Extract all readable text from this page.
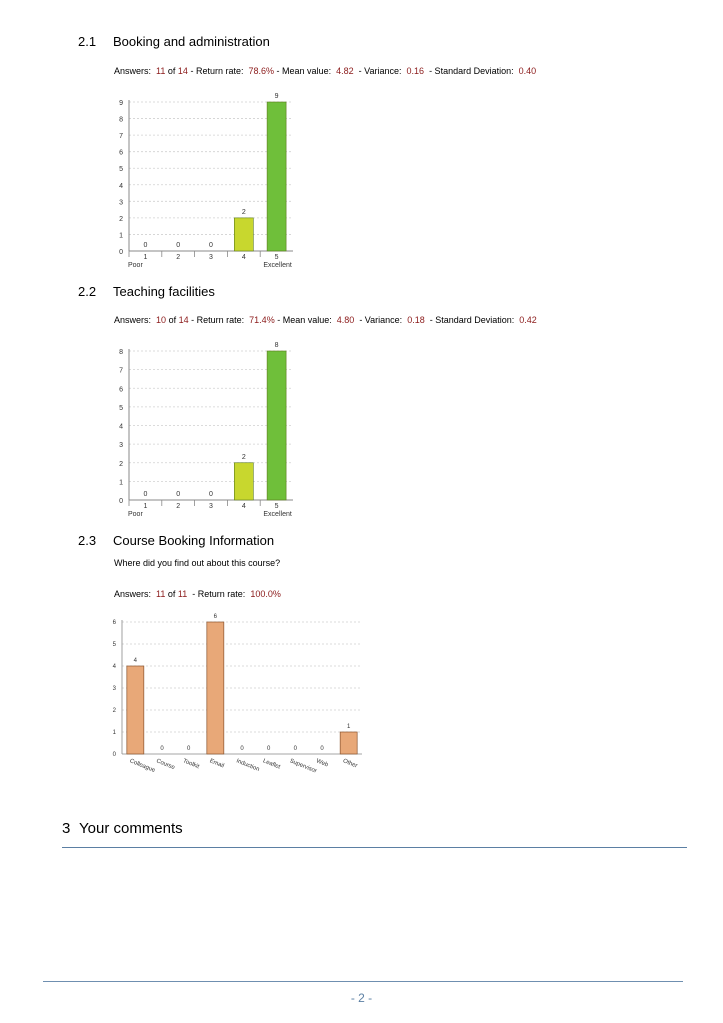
2.1 Booking and administration
Answers: 11 of 14 - Return rate: 78.6% - Mean value: 4.82 - Variance: 0.16 - Standard Deviation: 0.40
0
1
2
3
4
5
6
7
8
9
0
1
Poor
0
2
0
3
2
4
9
5
Excellent
2.2 Teaching facilities
Answers: 10 of 14 - Return rate: 71.4% - Mean value: 4.80 - Variance: 0.18 - Standard Deviation: 0.42
0
1
2
3
4
5
6
7
8
0
1
Poor
0
2
0
3
2
4
8
5
Excellent
2.3 Course Booking Information
Where did you find out about this course?
Answers: 11 of 11 - Return rate: 100.0%
0
1
2
3
4
5
6
4
Colleague
0
Course
0
Toolkit
6
Email
0
Induction
0
Leaflet
0
Supervisor
0
Web
1
Other
3 Your comments
- 2 -
